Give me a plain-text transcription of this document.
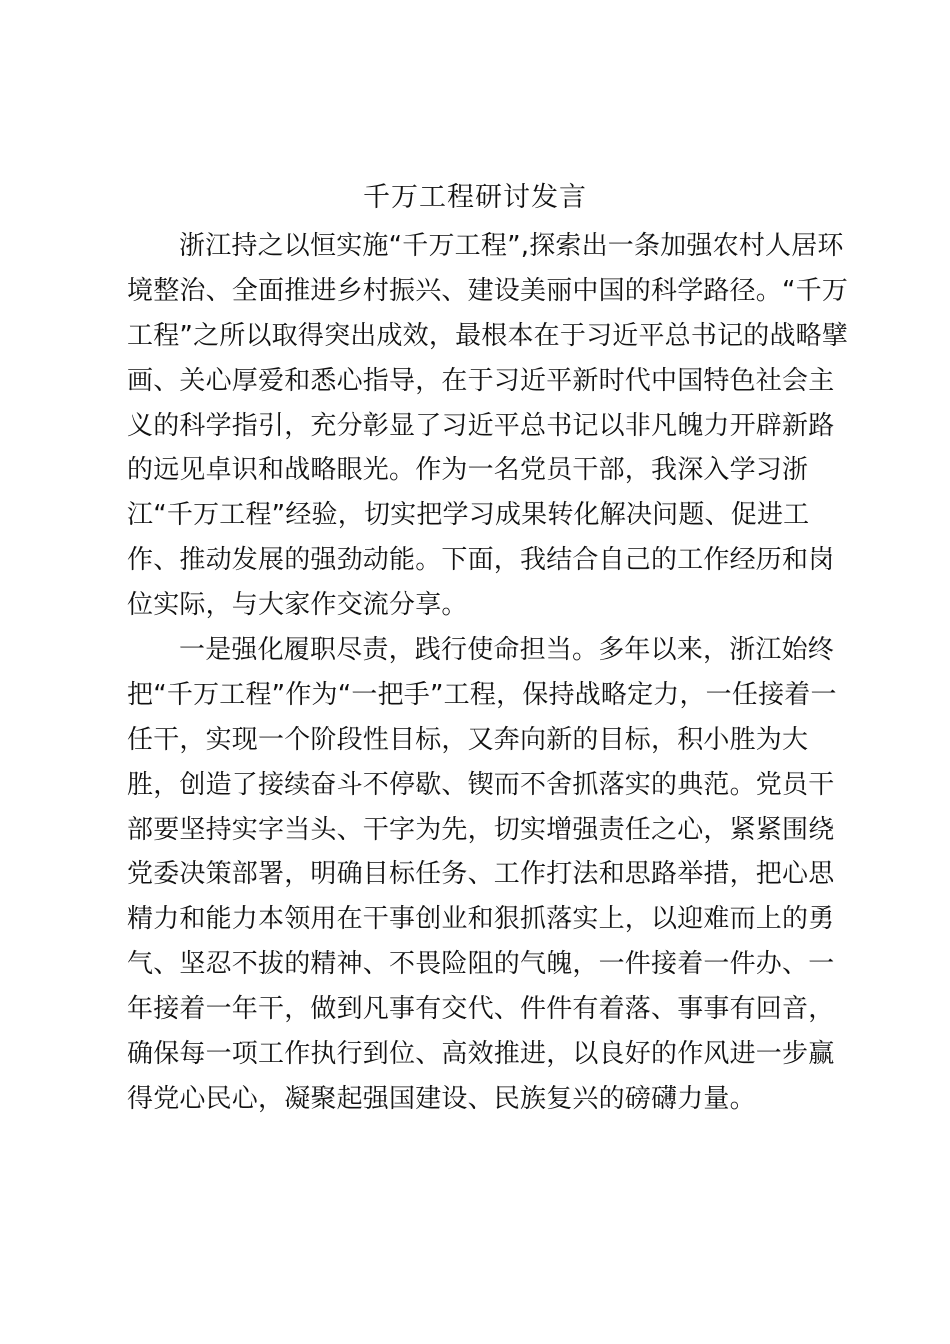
千万工程研讨发言
浙江持之以恒实施“千万工程”,探索出一条加强农村人居环
境整治、全面推进乡村振兴、建设美丽中国的科学路径。“千万
工程”之所以取得突出成效，最根本在于习近平总书记的战略擘
画、关心厚爱和悉心指导，在于习近平新时代中国特色社会主
义的科学指引，充分彰显了习近平总书记以非凡魄力开辟新路
的远见卓识和战略眼光。作为一名党员干部，我深入学习浙
江“千万工程”经验，切实把学习成果转化解决问题、促进工
作、推动发展的强劲动能。下面，我结合自己的工作经历和岗
位实际，与大家作交流分享。
一是强化履职尽责，践行使命担当。多年以来，浙江始终
把“千万工程”作为“一把手”工程，保持战略定力，一任接着一
任干，实现一个阶段性目标，又奔向新的目标，积小胜为大
胜，创造了接续奋斗不停歇、锲而不舍抓落实的典范。党员干
部要坚持实字当头、干字为先，切实增强责任之心，紧紧围绕
党委决策部署，明确目标任务、工作打法和思路举措，把心思
精力和能力本领用在干事创业和狠抓落实上，以迎难而上的勇
气、坚忍不拔的精神、不畏险阻的气魄，一件接着一件办、一
年接着一年干，做到凡事有交代、件件有着落、事事有回音，
确保每一项工作执行到位、高效推进，以良好的作风进一步赢
得党心民心，凝聚起强国建设、民族复兴的磅礴力量。
